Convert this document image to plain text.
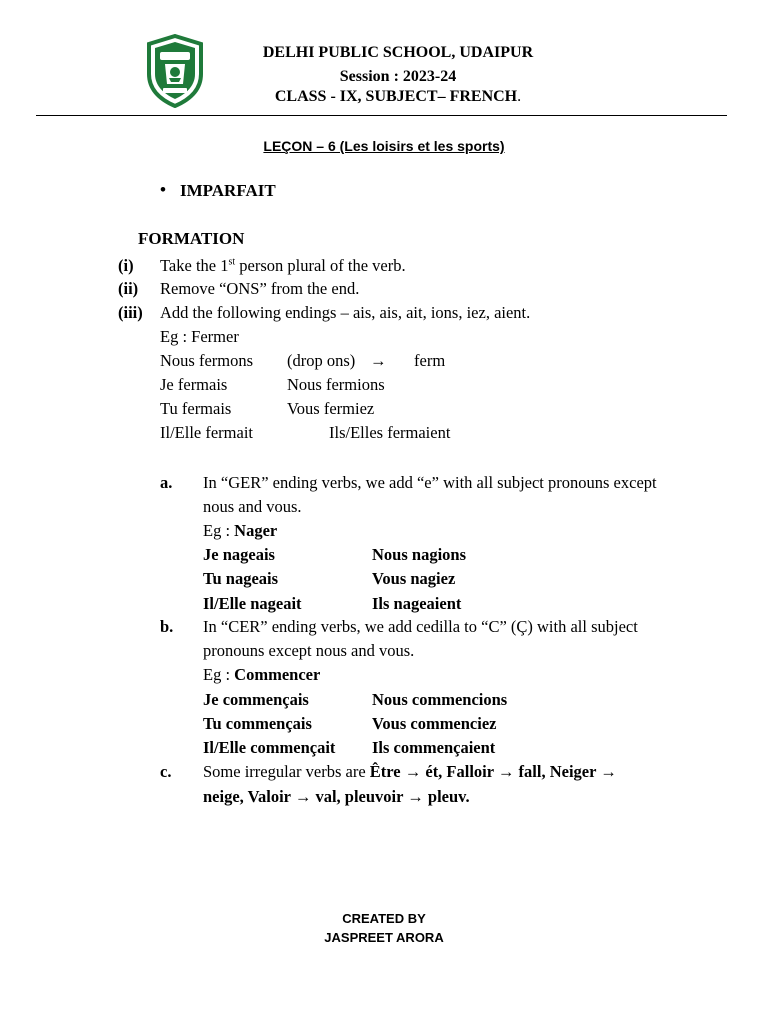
DELHI PUBLIC SCHOOL, UDAIPUR
Session : 2023-24
CLASS - IX, SUBJECT– FRENCH.
LEÇON – 6 (Les loisirs et les sports)
• IMPARFAIT
FORMATION
(i) Take the 1st person plural of the verb.
(ii) Remove “ONS” from the end.
(iii) Add the following endings – ais, ais, ait, ions, iez, aient.
Eg : Fermer
Nous fermons (drop ons) → ferm
Je fermais	Nous fermions
Tu fermais	Vous fermiez
Il/Elle fermait	Ils/Elles fermaient
a. In “GER” ending verbs, we add “e” with all subject pronouns except
nous and vous.
Eg : Nager
Je nageais	Nous nagions
Tu nageais	Vous nagiez
Il/Elle nageait	Ils nageaient
b. In “CER” ending verbs, we add cedilla to “C” (Ç) with all subject
pronouns except nous and vous.
Eg : Commencer
Je commençais	Nous commencions
Tu commençais	Vous commenciez
Il/Elle commençait Ils commençaient
c. Some irregular verbs are Être → ét, Falloir → fall, Neiger →
neige, Valoir → val, pleuvoir → pleuv.
CREATED BY
JASPREET ARORA
